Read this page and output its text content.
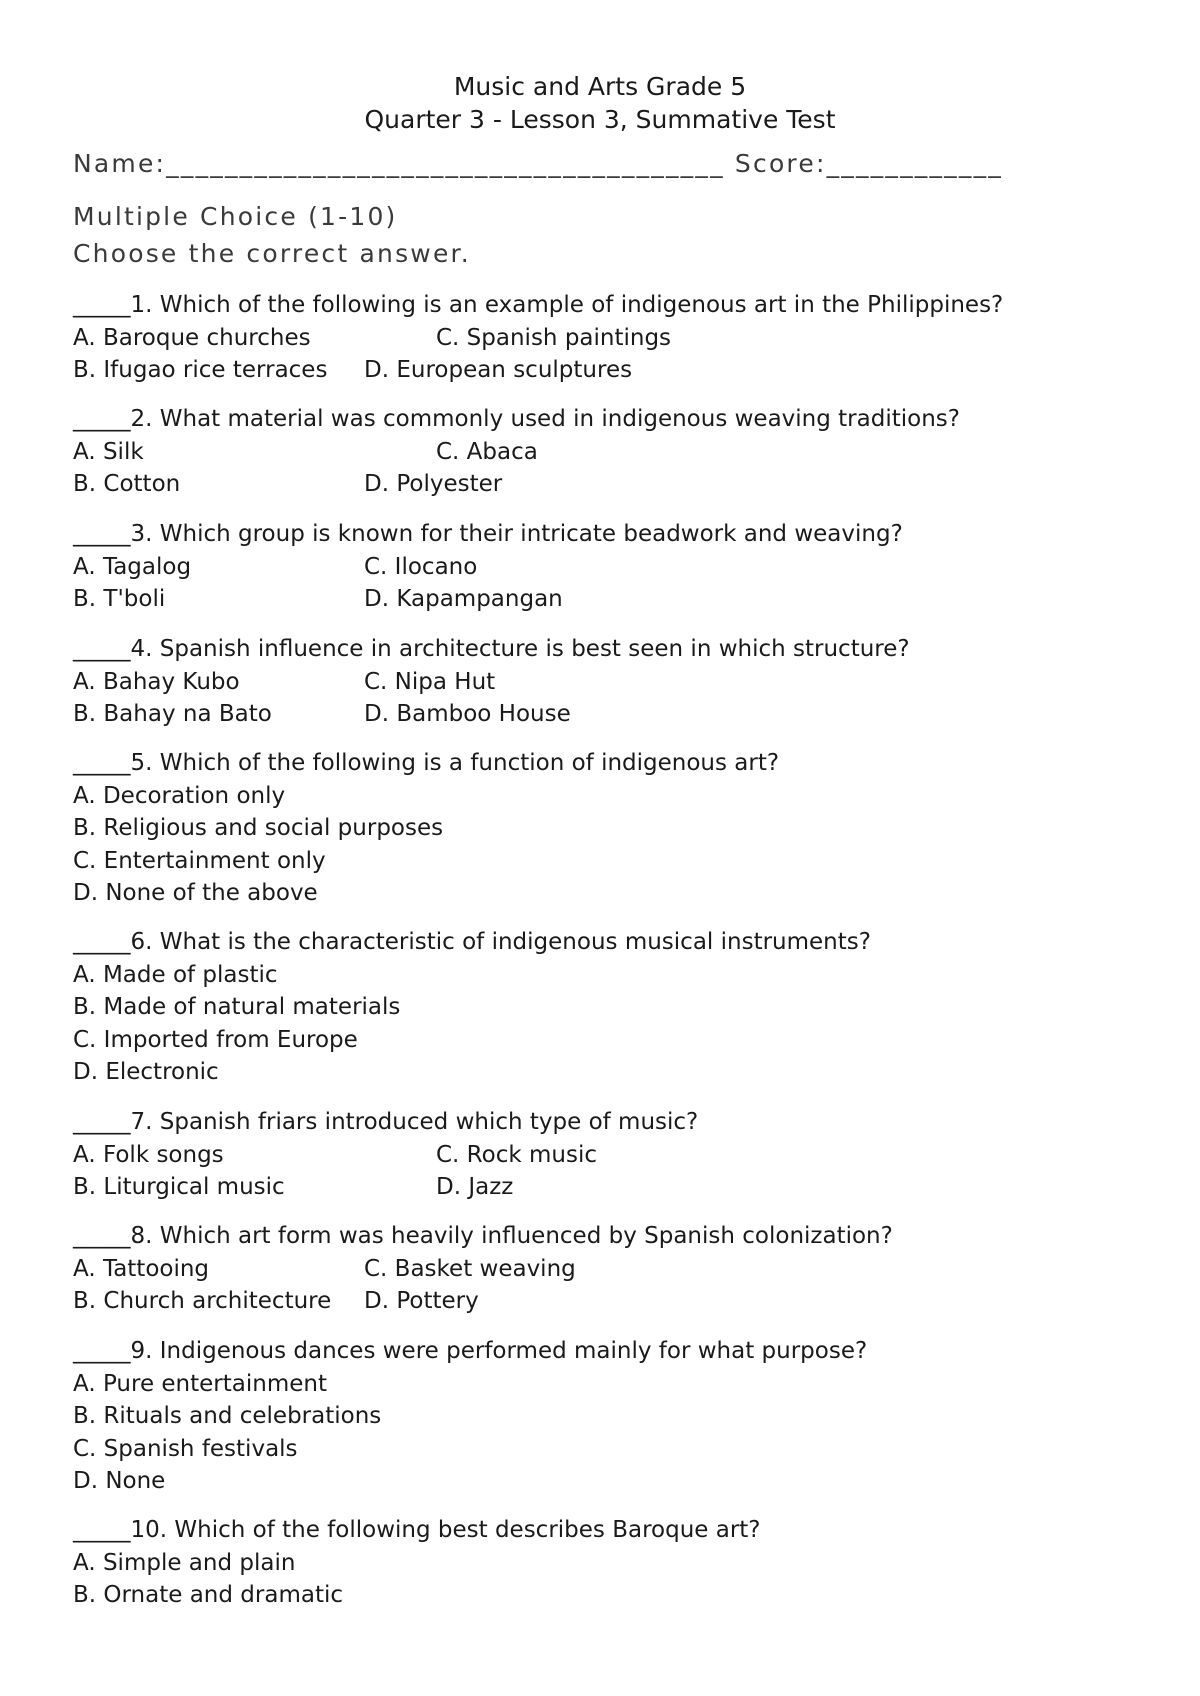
Music and Arts Grade 5
Quarter 3 - Lesson 3, Summative Test
Name:______________________________________ Score:____________
Multiple Choice (1-10)
Choose the correct answer.
_____1. Which of the following is an example of indigenous art in the Philippines?
A. Baroque churches	C. Spanish paintings
B. Ifugao rice terraces D. European sculptures
_____2. What material was commonly used in indigenous weaving traditions?
A. Silk	C. Abaca
B. Cotton	D. Polyester
_____3. Which group is known for their intricate beadwork and weaving?
A. Tagalog	C. Ilocano
B. T'boli	D. Kapampangan
_____4. Spanish influence in architecture is best seen in which structure?
A. Bahay Kubo	C. Nipa Hut
B. Bahay na Bato	D. Bamboo House
_____5. Which of the following is a function of indigenous art?
A. Decoration only
B. Religious and social purposes
C. Entertainment only
D. None of the above
_____6. What is the characteristic of indigenous musical instruments?
A. Made of plastic
B. Made of natural materials
C. Imported from Europe
D. Electronic
_____7. Spanish friars introduced which type of music?
A. Folk songs	C. Rock music
B. Liturgical music	D. Jazz
_____8. Which art form was heavily influenced by Spanish colonization?
A. Tattooing	C. Basket weaving
B. Church architecture D. Pottery
_____9. Indigenous dances were performed mainly for what purpose?
A. Pure entertainment
B. Rituals and celebrations
C. Spanish festivals
D. None
_____10. Which of the following best describes Baroque art?
A. Simple and plain
B. Ornate and dramatic
